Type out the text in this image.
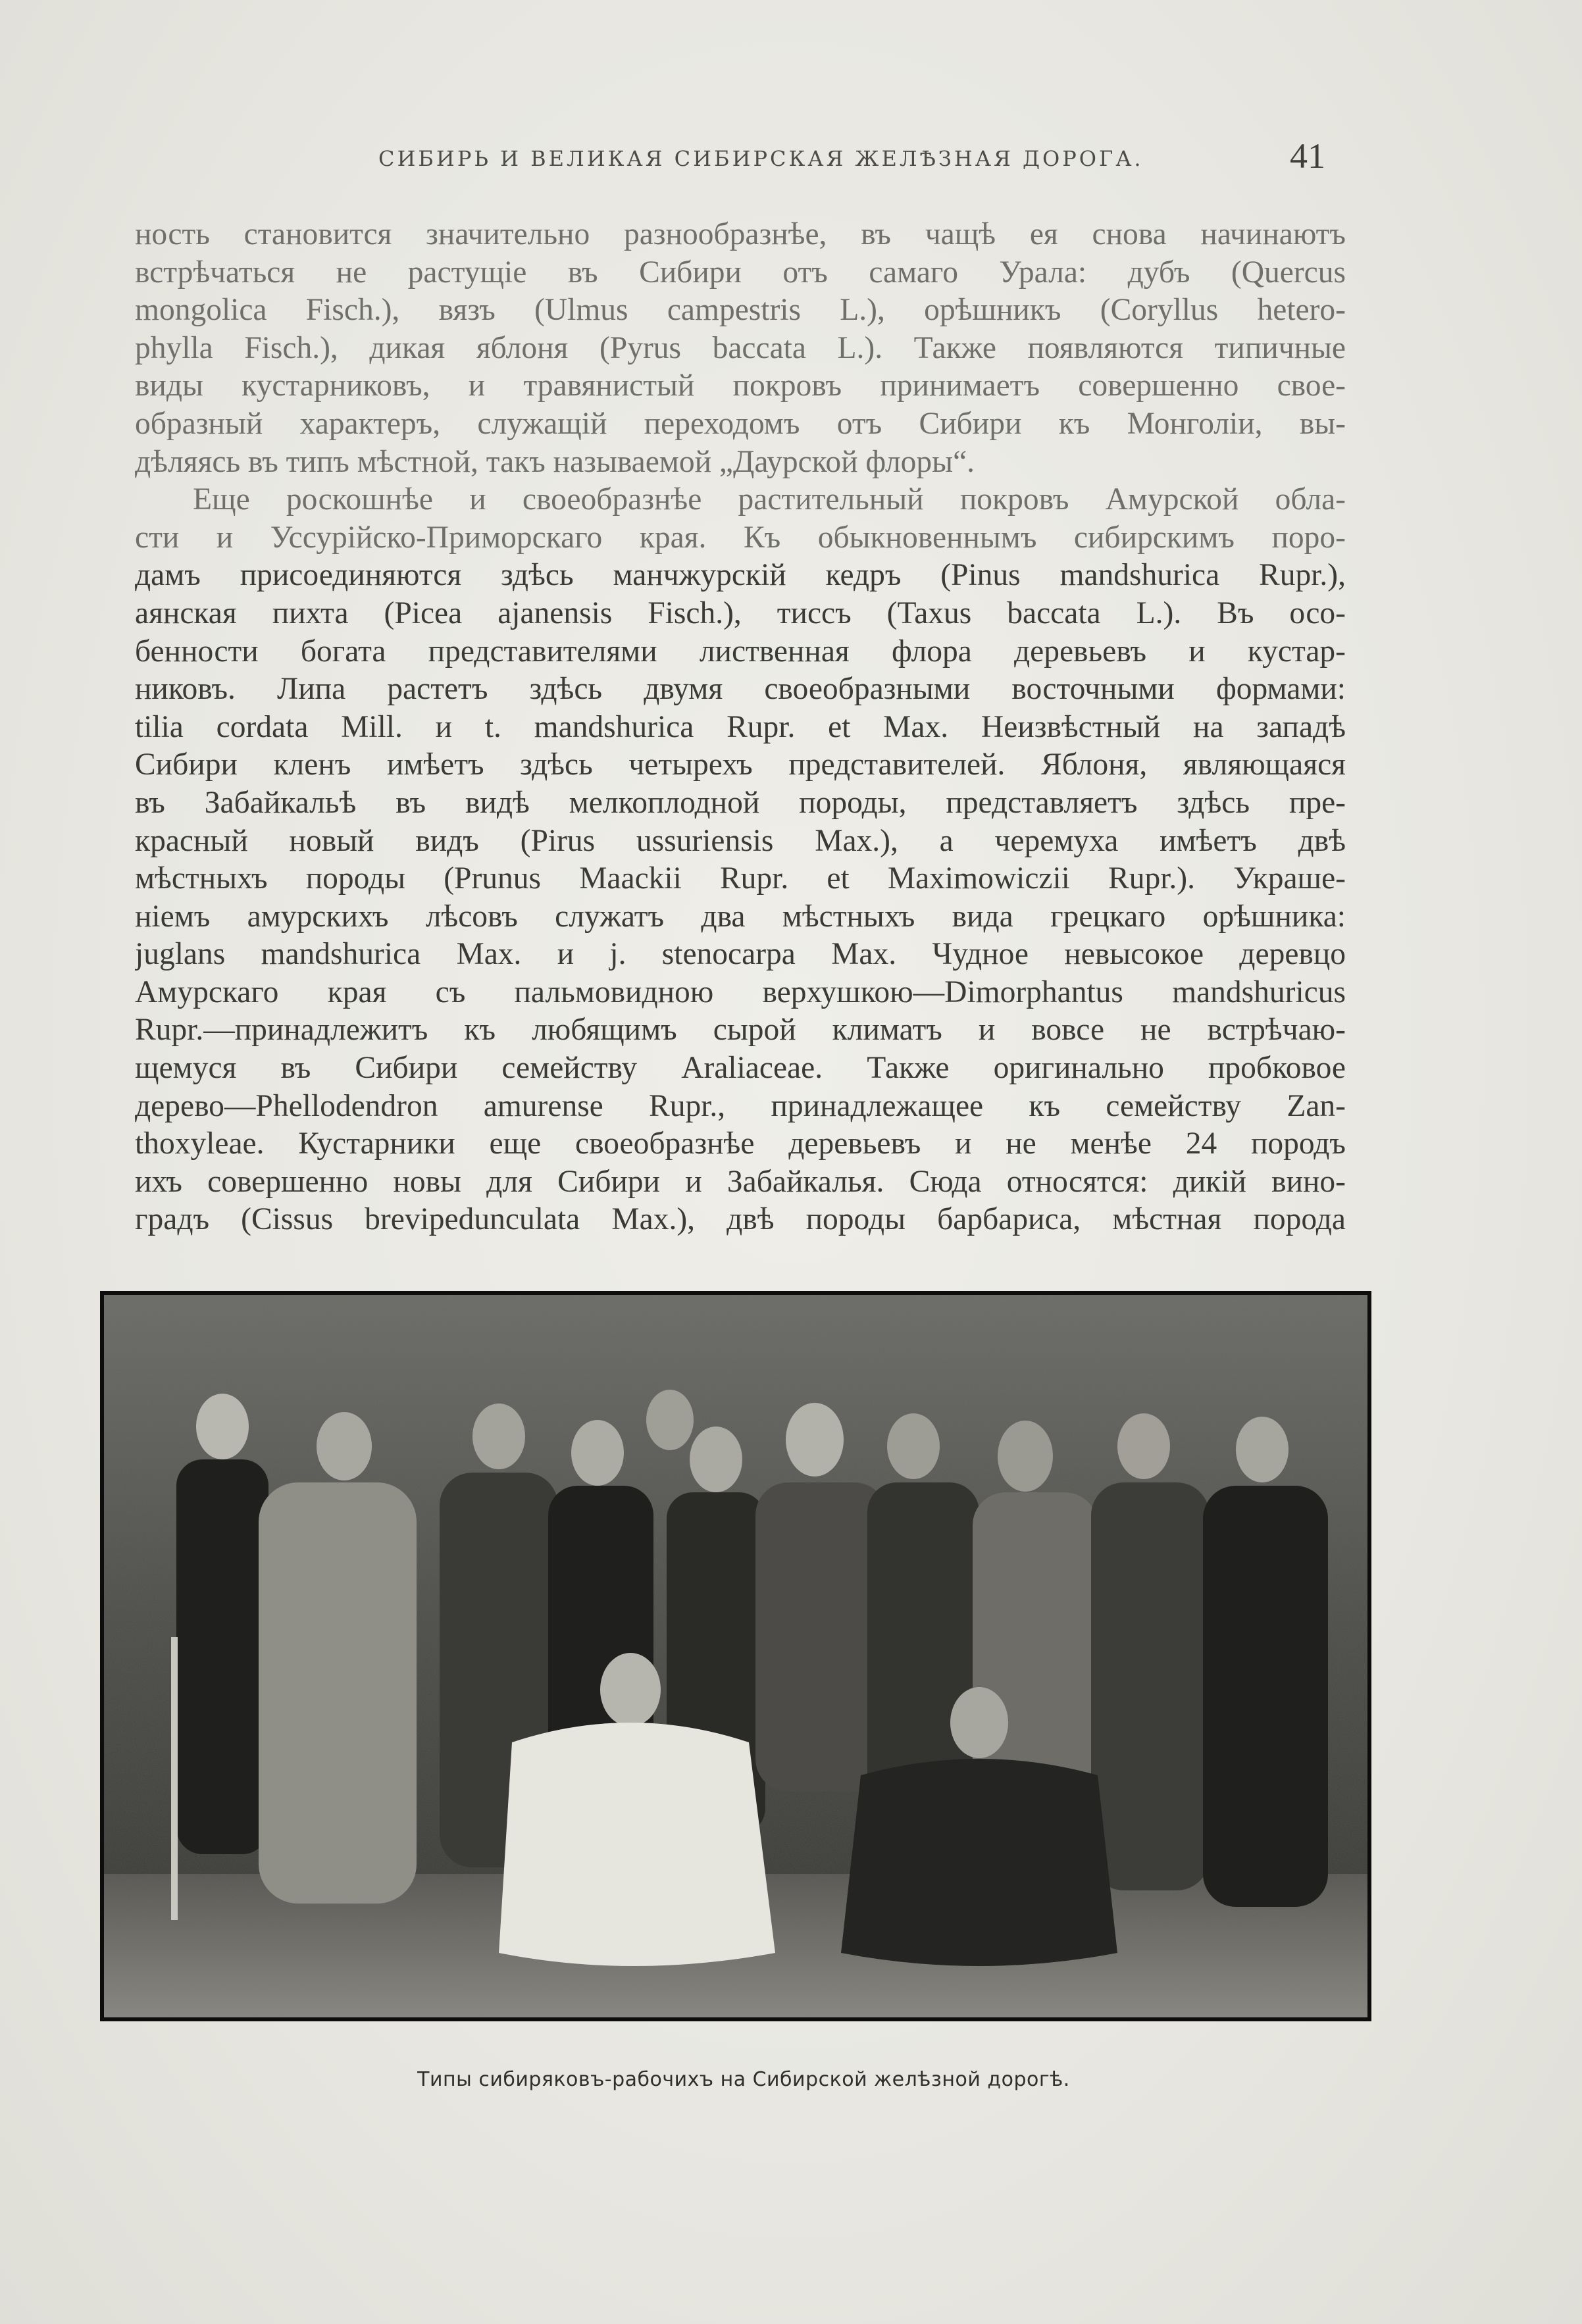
СИБИРЬ И ВЕЛИКАЯ СИБИРСКАЯ ЖЕЛѢЗНАЯ ДОРОГА.	41
ность становится значительно разнообразнѣе, въ чащѣ ея снова начинаютъ
встрѣчаться не растущіе въ Сибири отъ самаго Урала: дубъ (Quercus
mongolica Fisch.), вязъ (Ulmus campestris L.), орѣшникъ (Coryllus hetero-
phylla Fisch.), дикая яблоня (Pyrus baccata L.). Также появляются типичные
виды кустарниковъ, и травянистый покровъ принимаетъ совершенно свое-
образный характеръ, служащій переходомъ отъ Сибири къ Монголіи, вы-
дѣляясь въ типъ мѣстной, такъ называемой „Даурской флоры“.
Еще роскошнѣе и своеобразнѣе растительный покровъ Амурской обла-
сти и Уссурійско-Приморскаго края. Къ обыкновеннымъ сибирскимъ поро-
дамъ присоединяются здѣсь манчжурскій кедръ (Pinus mandshurica Rupr.),
аянская пихта (Picea ajanensis Fisch.), тиссъ (Taxus baccata L.). Въ осо-
бенности богата представителями лиственная флора деревьевъ и кустар-
никовъ. Липа растетъ здѣсь двумя своеобразными восточными формами:
tilia cordata Mill. и t. mandshurica Rupr. et Max. Неизвѣстный на западѣ
Сибири кленъ имѣетъ здѣсь четырехъ представителей. Яблоня, являющаяся
въ Забайкальѣ въ видѣ мелкоплодной породы, представляетъ здѣсь пре-
красный новый видъ (Pirus ussuriensis Max.), а черемуха имѣетъ двѣ
мѣстныхъ породы (Prunus Maackii Rupr. et Maximowiczii Rupr.). Украше-
ніемъ амурскихъ лѣсовъ служатъ два мѣстныхъ вида грецкаго орѣшника:
juglans mandshurica Max. и j. stenocarpa Max. Чудное невысокое деревцо
Амурскаго края съ пальмовидною верхушкою—Dimorphantus mandshuricus
Rupr.—принадлежитъ къ любящимъ сырой климатъ и вовсе не встрѣчаю-
щемуся въ Сибири семейству Araliaceae. Также оригинально пробковое
дерево—Phellodendron amurense Rupr., принадлежащее къ семейству Zan-
thoxyleae. Кустарники еще своеобразнѣе деревьевъ и не менѣе 24 породъ
ихъ совершенно новы для Сибири и Забайкалья. Сюда относятся: дикій вино-
градъ (Cissus brevipedunculata Max.), двѣ породы барбариса, мѣстная порода
Типы сибиряковъ-рабочихъ на Сибирской желѣзной дорогѣ.
